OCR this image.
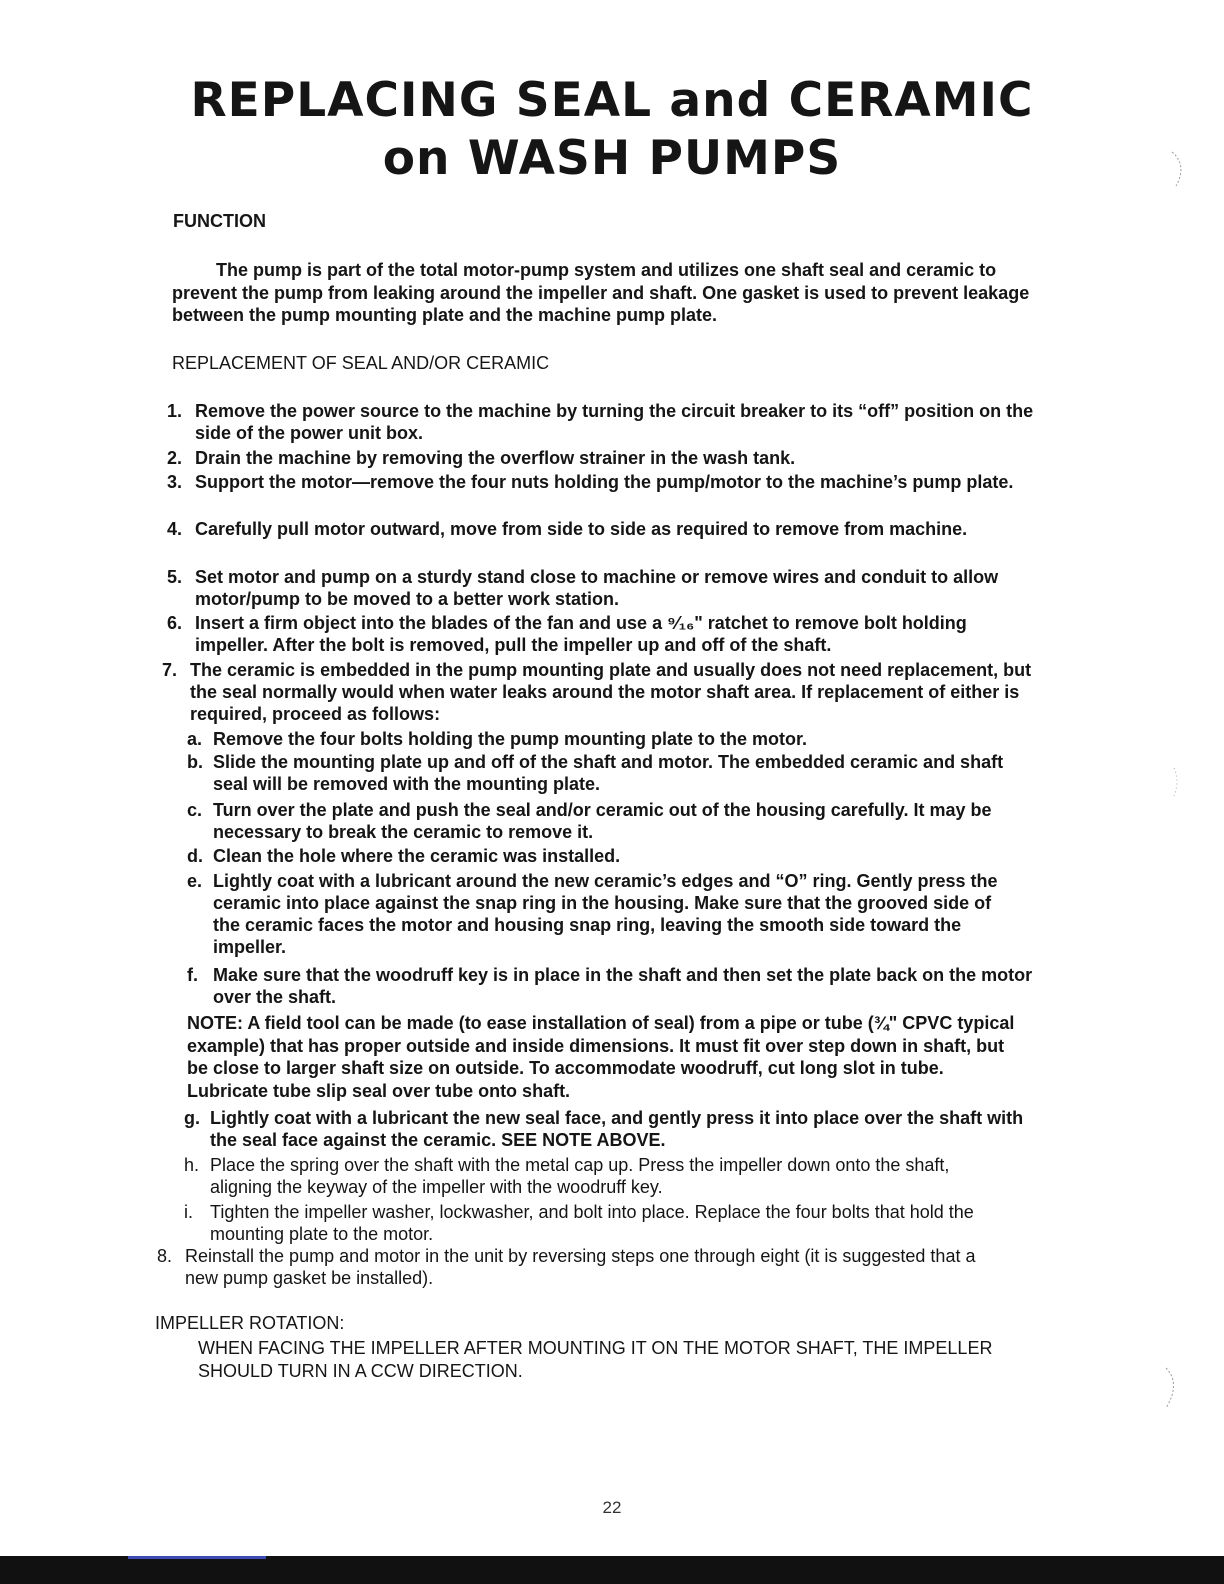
REPLACING SEAL and CERAMIC
on WASH PUMPS
FUNCTION
The pump is part of the total motor-pump system and utilizes one shaft seal and ceramic to prevent the pump from leaking around the impeller and shaft. One gasket is used to prevent leakage between the pump mounting plate and the machine pump plate.
REPLACEMENT OF SEAL AND/OR CERAMIC
1. Remove the power source to the machine by turning the circuit breaker to its “off” position on the side of the power unit box.
2. Drain the machine by removing the overflow strainer in the wash tank.
3. Support the motor—remove the four nuts holding the pump/motor to the machine’s pump plate.
4. Carefully pull motor outward, move from side to side as required to remove from machine.
5. Set motor and pump on a sturdy stand close to machine or remove wires and conduit to allow motor/pump to be moved to a better work station.
6. Insert a firm object into the blades of the fan and use a ⁹⁄₁₆" ratchet to remove bolt holding impeller. After the bolt is removed, pull the impeller up and off of the shaft.
7. The ceramic is embedded in the pump mounting plate and usually does not need replacement, but the seal normally would when water leaks around the motor shaft area. If replacement of either is required, proceed as follows:
a. Remove the four bolts holding the pump mounting plate to the motor.
b. Slide the mounting plate up and off of the shaft and motor. The embedded ceramic and shaft seal will be removed with the mounting plate.
c. Turn over the plate and push the seal and/or ceramic out of the housing carefully. It may be necessary to break the ceramic to remove it.
d. Clean the hole where the ceramic was installed.
e. Lightly coat with a lubricant around the new ceramic’s edges and “O” ring. Gently press the ceramic into place against the snap ring in the housing. Make sure that the grooved side of the ceramic faces the motor and housing snap ring, leaving the smooth side toward the impeller.
f. Make sure that the woodruff key is in place in the shaft and then set the plate back on the motor over the shaft.
NOTE: A field tool can be made (to ease installation of seal) from a pipe or tube (¾" CPVC typical example) that has proper outside and inside dimensions. It must fit over step down in shaft, but be close to larger shaft size on outside. To accommodate woodruff, cut long slot in tube. Lubricate tube slip seal over tube onto shaft.
g. Lightly coat with a lubricant the new seal face, and gently press it into place over the shaft with the seal face against the ceramic. SEE NOTE ABOVE.
h. Place the spring over the shaft with the metal cap up. Press the impeller down onto the shaft, aligning the keyway of the impeller with the woodruff key.
i. Tighten the impeller washer, lockwasher, and bolt into place. Replace the four bolts that hold the mounting plate to the motor.
8. Reinstall the pump and motor in the unit by reversing steps one through eight (it is suggested that a new pump gasket be installed).
IMPELLER ROTATION:
WHEN FACING THE IMPELLER AFTER MOUNTING IT ON THE MOTOR SHAFT, THE IMPELLER SHOULD TURN IN A CCW DIRECTION.
22
